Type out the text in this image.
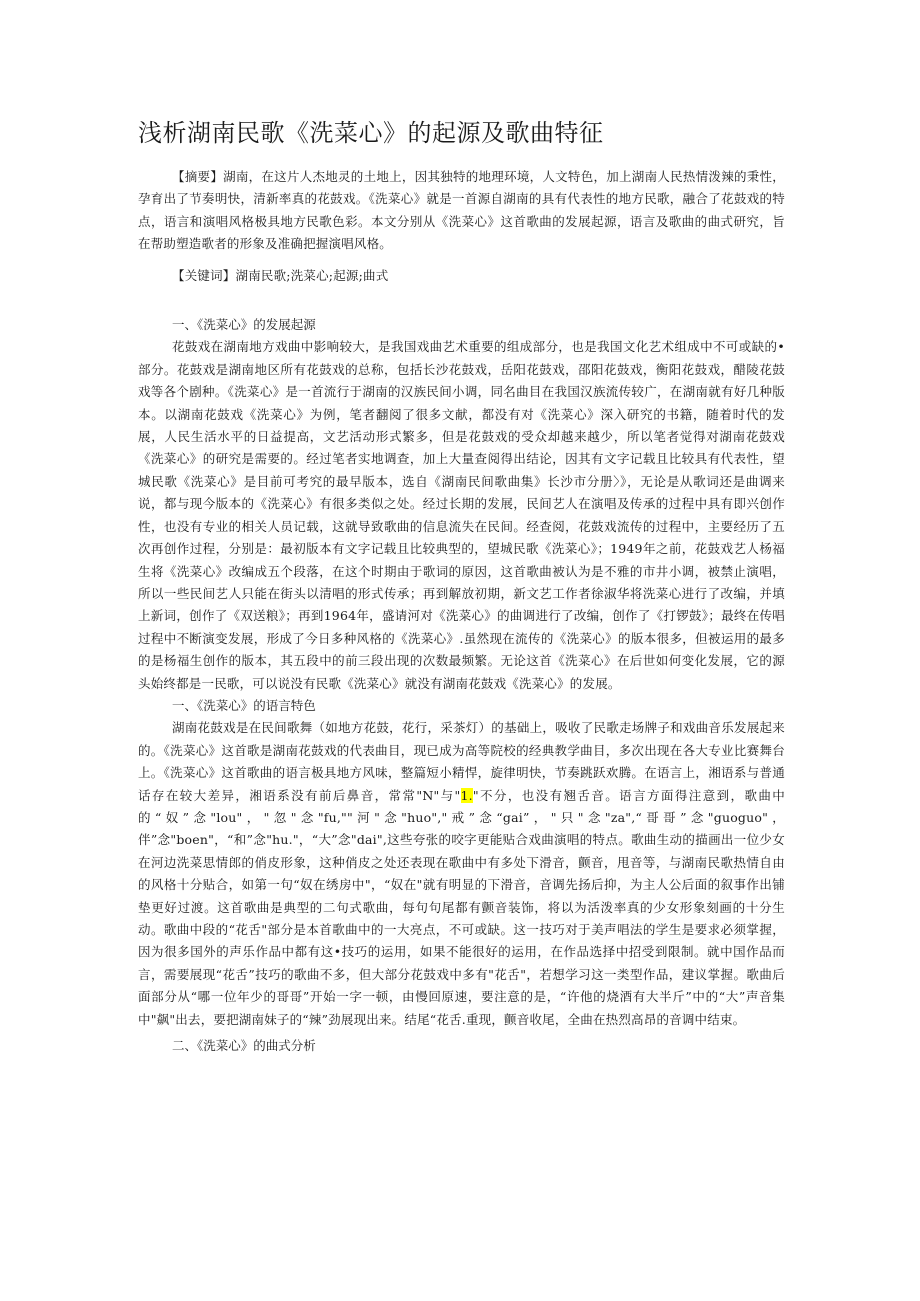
浅析湖南民歌《洗菜心》的起源及歌曲特征

【摘要】湖南，在这片人杰地灵的土地上，因其独特的地理环境，人文特色，加上湖南人民热情泼辣的秉性，孕育出了节奏明快，清新率真的花鼓戏。《洗菜心》就是一首源自湖南的具有代表性的地方民歌，融合了花鼓戏的特点，语言和演唱风格极具地方民歌色彩。本文分别从《洗菜心》这首歌曲的发展起源，语言及歌曲的曲式研究，旨在帮助塑造歌者的形象及准确把握演唱风格。

【关键词】湖南民歌;洗菜心;起源;曲式

一、《洗菜心》的发展起源

花鼓戏在湖南地方戏曲中影响较大，是我国戏曲艺术重要的组成部分，也是我国文化艺术组成中不可或缺的•部分。花鼓戏是湖南地区所有花鼓戏的总称，包括长沙花鼓戏，岳阳花鼓戏，邵阳花鼓戏，衡阳花鼓戏，醋陵花鼓戏等各个剧种。《洗菜心》是一首流行于湖南的汉族民间小调，同名曲目在我国汉族流传较广，在湖南就有好几种版本。以湖南花鼓戏《洗菜心》为例，笔者翻阅了很多文献，都没有对《洗菜心》深入研究的书籍，随着时代的发展，人民生活水平的日益提高，文艺活动形式繁多，但是花鼓戏的受众却越来越少，所以笔者觉得对湖南花鼓戏《洗菜心》的研究是需要的。经过笔者实地调查，加上大量查阅得出结论，因其有文字记载且比较具有代表性，望城民歌《洗菜心》是目前可考究的最早版本，选自《湖南民间歌曲集》长沙市分册〉》，无论是从歌词还是曲调来说，都与现今版本的《洗菜心》有很多类似之处。经过长期的发展，民间艺人在演唱及传承的过程中具有即兴创作性，也没有专业的相关人员记载，这就导致歌曲的信息流失在民间。经查阅，花鼓戏流传的过程中，主要经历了五次再创作过程，分别是：最初版本有文字记载且比较典型的，望城民歌《洗菜心》；1949年之前，花鼓戏艺人杨福生将《洗菜心》改编成五个段落，在这个时期由于歌词的原因，这首歌曲被认为是不雅的市井小调，被禁止演唱，所以一些民间艺人只能在街头以清唱的形式传承；再到解放初期，新文艺工作者徐淑华将洗菜心进行了改编，并填上新词，创作了《双送粮》；再到1964年，盛请河对《洗菜心》的曲调进行了改编，创作了《打锣鼓》；最终在传唱过程中不断演变发展，形成了今日多种风格的《洗菜心》.虽然现在流传的《洗菜心》的版本很多，但被运用的最多的是杨福生创作的版本，其五段中的前三段出现的次数最频繁。无论这首《洗菜心》在后世如何变化发展，它的源头始终都是一民歌，可以说没有民歌《洗菜心》就没有湖南花鼓戏《洗菜心》的发展。

一、《洗菜心》的语言特色

湖南花鼓戏是在民间歌舞（如地方花鼓，花行，采茶灯）的基础上，吸收了民歌走场牌子和戏曲音乐发展起来的。《洗菜心》这首歌是湖南花鼓戏的代表曲目，现已成为高等院校的经典教学曲目，多次出现在各大专业比赛舞台上。《洗菜心》这首歌曲的语言极具地方风味，整篇短小精悍，旋律明快，节奏跳跃欢腾。在语言上，湘语系与普通话存在较大差异，湘语系没有前后鼻音，常常"N"与"1."不分，也没有翘舌音。语言方面得注意到，歌曲中的“奴”念"lou"，"忽"念"fu,""河"念"huo","戒”念“gai”，"只"念"za",“哥哥”念"guoguo"，伴”念"boen"，“和”念"hu."，“大”念"dai",这些夸张的咬字更能贴合戏曲演唱的特点。歌曲生动的描画出一位少女在河边洗菜思情郎的俏皮形象，这种俏皮之处还表现在歌曲中有多处下滑音，颤音，甩音等，与湖南民歌热情自由的风格十分贴合，如第一句“奴在绣房中"，“奴在"就有明显的下滑音，音调先扬后抑，为主人公后面的叙事作出铺垫更好过渡。这首歌曲是典型的二句式歌曲，每句句尾都有颤音装饰，将以为活泼率真的少女形象刻画的十分生动。歌曲中段的“花舌"部分是本首歌曲中的一大亮点，不可或缺。这一技巧对于美声唱法的学生是要求必须掌握，因为很多国外的声乐作品中都有这•技巧的运用，如果不能很好的运用，在作品选择中招受到限制。就中国作品而言，需要展现“花舌”技巧的歌曲不多，但大部分花鼓戏中多有"花舌"，若想学习这一类型作品，建议掌握。歌曲后面部分从“哪一位年少的哥哥”开始一字一顿，由慢回原速，要注意的是，“许他的烧酒有大半斤”中的“大”声音集中"飙"出去，要把湖南妹子的“辣”劲展现出来。结尾“花舌.重现，颤音收尾，全曲在热烈高昂的音调中结束。

二、《洗菜心》的曲式分析
